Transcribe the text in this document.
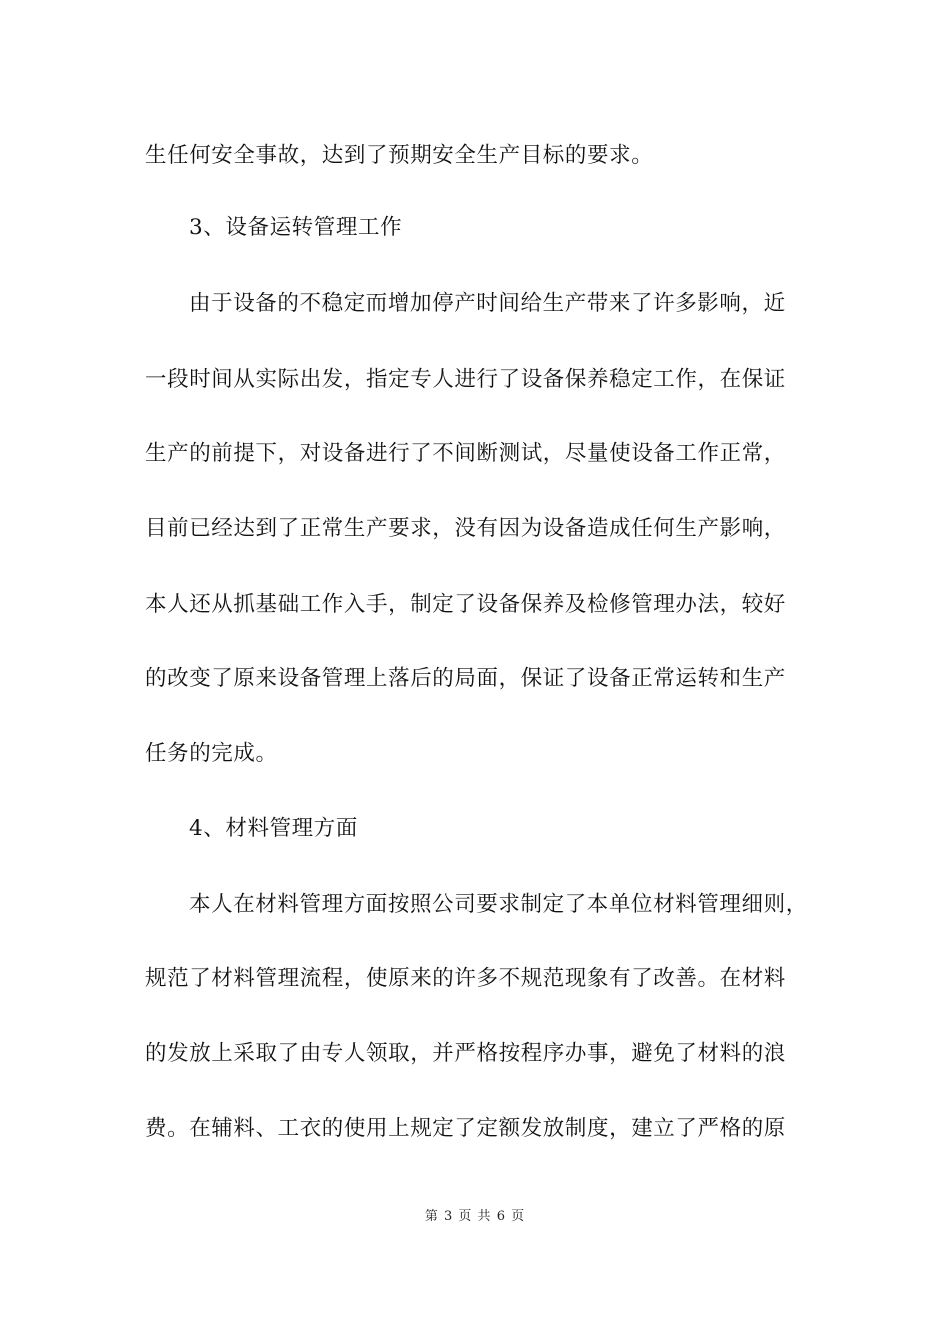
生任何安全事故，达到了预期安全生产目标的要求。
3、设备运转管理工作
由于设备的不稳定而增加停产时间给生产带来了许多影响，近
一段时间从实际出发，指定专人进行了设备保养稳定工作，在保证
生产的前提下，对设备进行了不间断测试，尽量使设备工作正常，
目前已经达到了正常生产要求，没有因为设备造成任何生产影响，
本人还从抓基础工作入手，制定了设备保养及检修管理办法，较好
的改变了原来设备管理上落后的局面，保证了设备正常运转和生产
任务的完成。
4、材料管理方面
本人在材料管理方面按照公司要求制定了本单位材料管理细则，
规范了材料管理流程，使原来的许多不规范现象有了改善。在材料
的发放上采取了由专人领取，并严格按程序办事，避免了材料的浪
费。在辅料、工衣的使用上规定了定额发放制度，建立了严格的原
第 3 页 共 6 页
